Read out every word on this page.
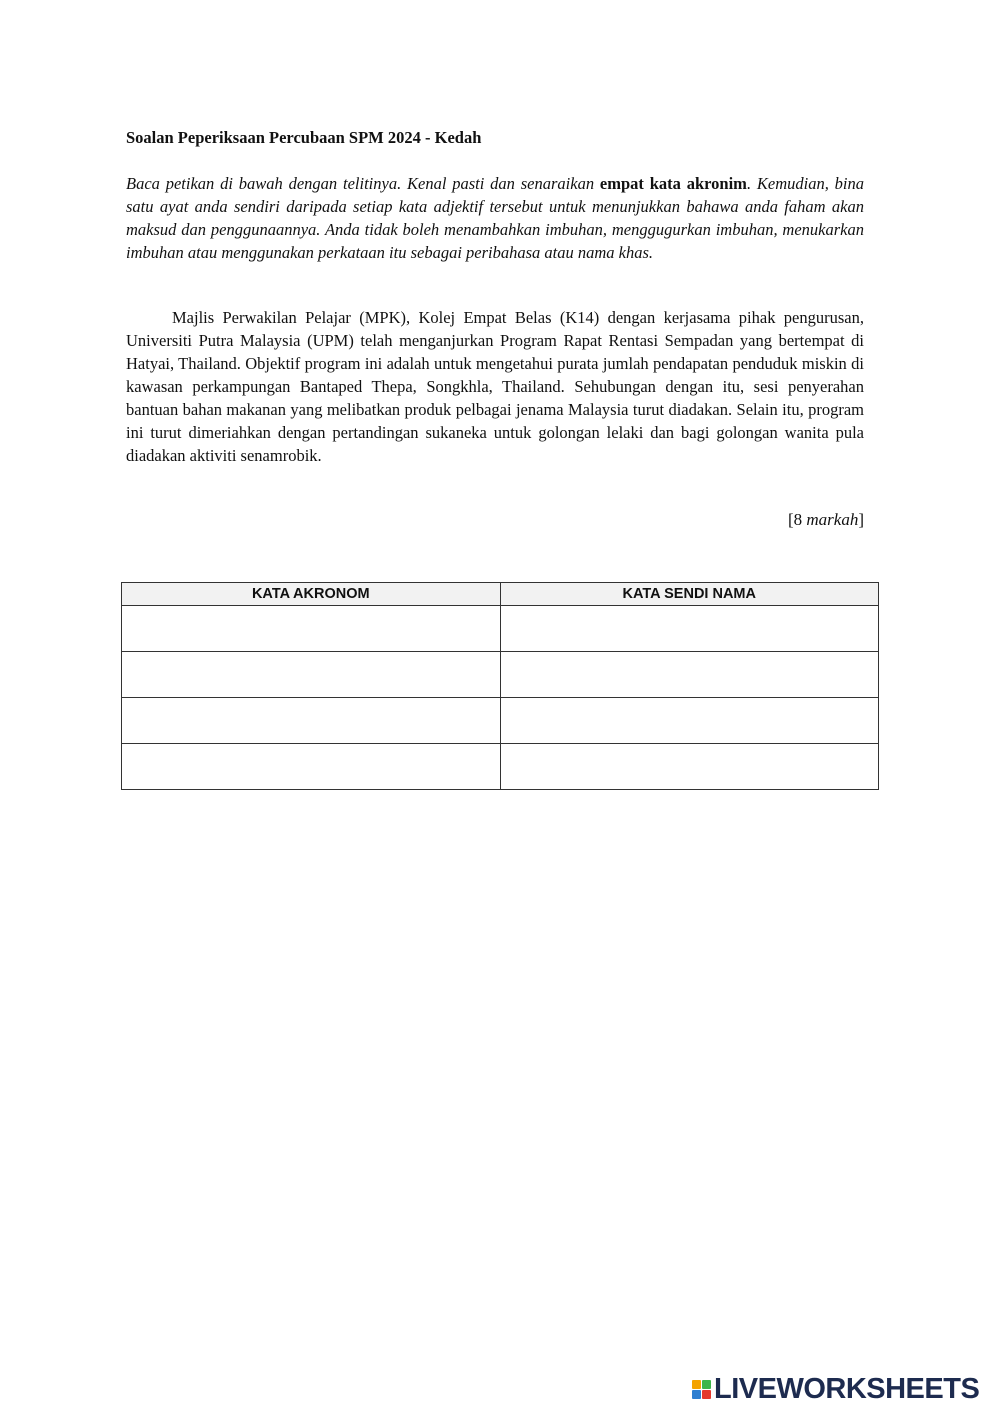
Soalan Peperiksaan Percubaan SPM 2024 - Kedah
Baca petikan di bawah dengan telitinya. Kenal pasti dan senaraikan empat kata akronim. Kemudian, bina satu ayat anda sendiri daripada setiap kata adjektif tersebut untuk menunjukkan bahawa anda faham akan maksud dan penggunaannya. Anda tidak boleh menambahkan imbuhan, menggugurkan imbuhan, menukarkan imbuhan atau menggunakan perkataan itu sebagai peribahasa atau nama khas.
Majlis Perwakilan Pelajar (MPK), Kolej Empat Belas (K14) dengan kerjasama pihak pengurusan, Universiti Putra Malaysia (UPM) telah menganjurkan Program Rapat Rentasi Sempadan yang bertempat di Hatyai, Thailand. Objektif program ini adalah untuk mengetahui purata jumlah pendapatan penduduk miskin di kawasan perkampungan Bantaped Thepa, Songkhla, Thailand. Sehubungan dengan itu, sesi penyerahan bantuan bahan makanan yang melibatkan produk pelbagai jenama Malaysia turut diadakan. Selain itu, program ini turut dimeriahkan dengan pertandingan sukaneka untuk golongan lelaki dan bagi golongan wanita pula diadakan aktiviti senamrobik.
[8 markah]
KATA AKRONOM	KATA SENDI NAMA

LIVEWORKSHEETS
